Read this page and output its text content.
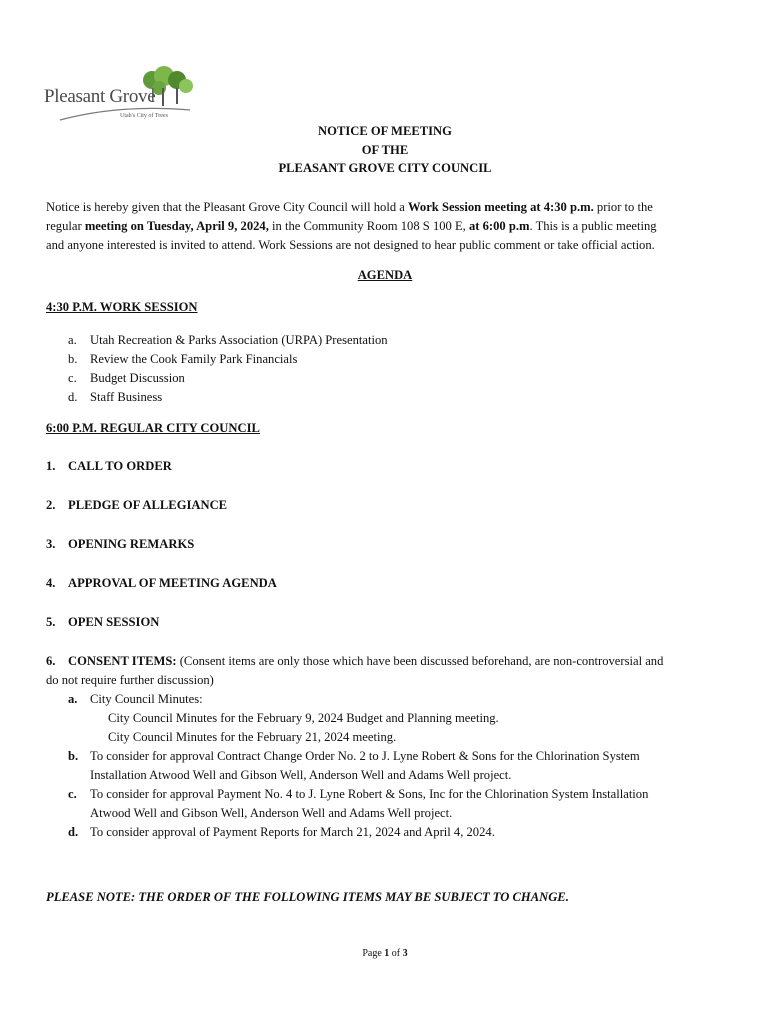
Pleasant Grove
Utah's City of Trees
NOTICE OF MEETING
OF THE
PLEASANT GROVE CITY COUNCIL
Notice is hereby given that the Pleasant Grove City Council will hold a Work Session meeting at 4:30 p.m. prior to the
regular meeting on Tuesday, April 9, 2024, in the Community Room 108 S 100 E, at 6:00 p.m. This is a public meeting
and anyone interested is invited to attend. Work Sessions are not designed to hear public comment or take official action.
AGENDA
4:30 P.M. WORK SESSION
a. Utah Recreation & Parks Association (URPA) Presentation
b. Review the Cook Family Park Financials
c. Budget Discussion
d. Staff Business
6:00 P.M. REGULAR CITY COUNCIL
1. CALL TO ORDER
2. PLEDGE OF ALLEGIANCE
3. OPENING REMARKS
4. APPROVAL OF MEETING AGENDA
5. OPEN SESSION
6. CONSENT ITEMS: (Consent items are only those which have been discussed beforehand, are non-controversial and
do not require further discussion)
a. City Council Minutes:
City Council Minutes for the February 9, 2024 Budget and Planning meeting.
City Council Minutes for the February 21, 2024 meeting.
b. To consider for approval Contract Change Order No. 2 to J. Lyne Robert & Sons for the Chlorination System
Installation Atwood Well and Gibson Well, Anderson Well and Adams Well project.
c. To consider for approval Payment No. 4 to J. Lyne Robert & Sons, Inc for the Chlorination System Installation
Atwood Well and Gibson Well, Anderson Well and Adams Well project.
d. To consider approval of Payment Reports for March 21, 2024 and April 4, 2024.
PLEASE NOTE: THE ORDER OF THE FOLLOWING ITEMS MAY BE SUBJECT TO CHANGE.
Page 1 of 3
